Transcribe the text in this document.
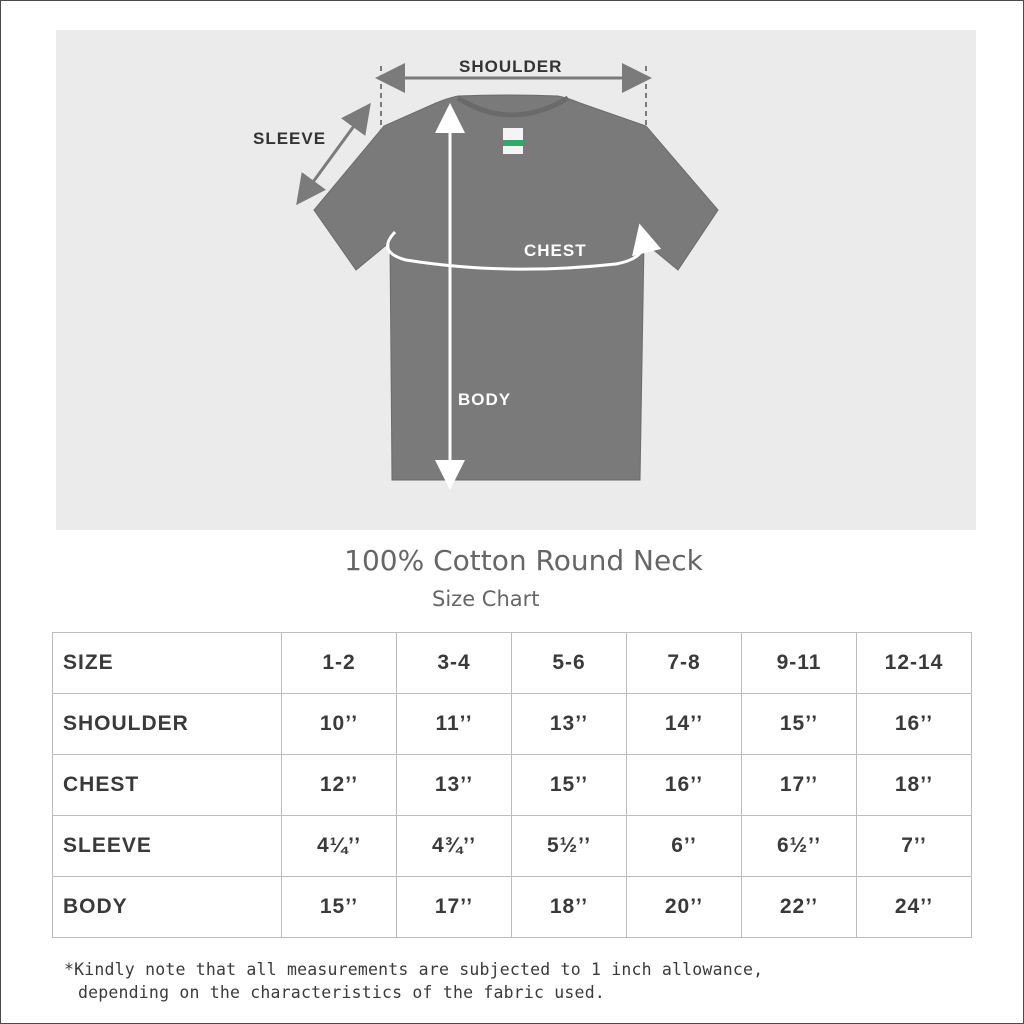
SHOULDER
SLEEVE
CHEST
BODY
100% Cotton Round Neck
Size Chart
SIZE	1-2	3-4	5-6	7-8	9-11	12-14
SHOULDER	10’’	11’’	13’’	14’’	15’’	16’’
CHEST	12’’	13’’	15’’	16’’	17’’	18’’
SLEEVE	4¼’’	4¾’’	5½’’	6’’	6½’’	7’’
BODY	15’’	17’’	18’’	20’’	22’’	24’’
*Kindly note that all measurements are subjected to 1 inch allowance,
depending on the characteristics of the fabric used.
